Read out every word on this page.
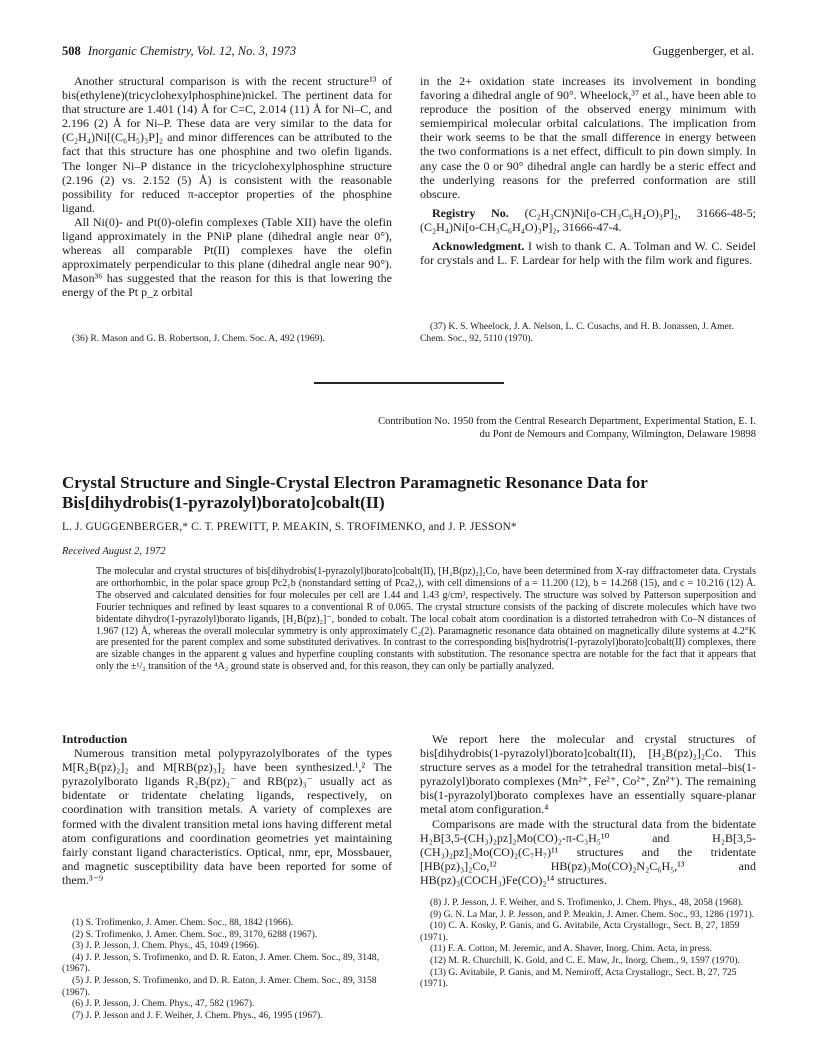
508 Inorganic Chemistry, Vol. 12, No. 3, 1973	Guggenberger, et al.

Another structural comparison is with the recent structure¹³ of bis(ethylene)(tricyclohexylphosphine)nickel. The pertinent data for that structure are 1.401 (14) Å for C=C, 2.014 (11) Å for Ni–C, and 2.196 (2) Å for Ni–P. These data are very similar to the data for (C₂H₄)Ni[(C₆H₅)₃P]₂ and minor differences can be attributed to the fact that this structure has one phosphine and two olefin ligands. The longer Ni–P distance in the tricyclohexylphosphine structure (2.196 (2) vs. 2.152 (5) Å) is consistent with the reasonable possibility for reduced π-acceptor properties of the phosphine ligand.

All Ni(0)- and Pt(0)-olefin complexes (Table XII) have the olefin ligand approximately in the PNiP plane (dihedral angle near 0°), whereas all comparable Pt(II) complexes have the olefin approximately perpendicular to this plane (dihedral angle near 90°). Mason³⁶ has suggested that the reason for this is that lowering the energy of the Pt p_z orbital

(36) R. Mason and G. B. Robertson, J. Chem. Soc. A, 492 (1969).

in the 2+ oxidation state increases its involvement in bonding favoring a dihedral angle of 90°. Wheelock,³⁷ et al., have been able to reproduce the position of the observed energy minimum with semiempirical molecular orbital calculations. The implication from their work seems to be that the small difference in energy between the two conformations is a net effect, difficult to pin down simply. In any case the 0 or 90° dihedral angle can hardly be a steric effect and the underlying reasons for the preferred conformation are still obscure.

Registry No. (C₂H₃CN)Ni[o-CH₃C₆H₄O)₃P]₂, 31666-48-5; (C₂H₄)Ni[o-CH₃C₆H₄O)₃P]₂, 31666-47-4.

Acknowledgment. I wish to thank C. A. Tolman and W. C. Seidel for crystals and L. F. Lardear for help with the film work and figures.

(37) K. S. Wheelock, J. A. Nelson, L. C. Cusachs, and H. B. Jonassen, J. Amer. Chem. Soc., 92, 5110 (1970).

Contribution No. 1950 from the Central Research Department, Experimental Station, E. I. du Pont de Nemours and Company, Wilmington, Delaware 19898
Crystal Structure and Single-Crystal Electron Paramagnetic Resonance Data for Bis[dihydrobis(1-pyrazolyl)borato]cobalt(II)
L. J. GUGGENBERGER,* C. T. PREWITT, P. MEAKIN, S. TROFIMENKO, and J. P. JESSON*
Received August 2, 1972

The molecular and crystal structures of bis[dihydrobis(1-pyrazolyl)borato]cobalt(II), [H₂B(pz)₂]₂Co, have been determined from X-ray diffractometer data. Crystals are orthorhombic, in the polar space group Pc2₁b (nonstandard setting of Pca2₁), with cell dimensions of a = 11.200 (12), b = 14.268 (15), and c = 10.216 (12) Å. The observed and calculated densities for four molecules per cell are 1.44 and 1.43 g/cm³, respectively. The structure was solved by Patterson superposition and Fourier techniques and refined by least squares to a conventional R of 0.065. The crystal structure consists of the packing of discrete molecules which have two bidentate dihydro(1-pyrazolyl)borato ligands, [H₂B(pz)₂]⁻, bonded to cobalt. The local cobalt atom coordination is a distorted tetrahedron with Co–N distances of 1.967 (12) Å, whereas the overall molecular symmetry is only approximately C₂(2). Paramagnetic resonance data obtained on magnetically dilute systems at 4.2°K are presented for the parent complex and some substituted derivatives. In contrast to the corresponding bis[hydrotris(1-pyrazolyl)borato]cobalt(II) complexes, there are sizable changes in the apparent g values and hyperfine coupling constants with substitution. The resonance spectra are notable for the fact that it appears that only the ±¹/₂ transition of the ⁴A₂ ground state is observed and, for this reason, they can only be partially analyzed.

Introduction

Numerous transition metal polypyrazolylborates of the types M[R₂B(pz)₂]₂ and M[RB(pz)₃]₂ have been synthesized.¹,² The pyrazolylborato ligands R₂B(pz)₂⁻ and RB(pz)₃⁻ usually act as bidentate or tridentate chelating ligands, respectively, on coordination with transition metals. A variety of complexes are formed with the divalent transition metal ions having different metal atom configurations and coordination geometries yet maintaining fairly constant ligand characteristics. Optical, nmr, epr, Mossbauer, and magnetic susceptibility data have been reported for some of them.³⁻⁹

(1) S. Trofimenko, J. Amer. Chem. Soc., 88, 1842 (1966).

(2) S. Trofimenko, J. Amer. Chem. Soc., 89, 3170, 6288 (1967).

(3) J. P. Jesson, J. Chem. Phys., 45, 1049 (1966).

(4) J. P. Jesson, S. Trofimenko, and D. R. Eaton, J. Amer. Chem. Soc., 89, 3148, (1967).

(5) J. P. Jesson, S. Trofimenko, and D. R. Eaton, J. Amer. Chem. Soc., 89, 3158 (1967).

(6) J. P. Jesson, J. Chem. Phys., 47, 582 (1967).

(7) J. P. Jesson and J. F. Weiher, J. Chem. Phys., 46, 1995 (1967).

We report here the molecular and crystal structures of bis[dihydrobis(1-pyrazolyl)borato]cobalt(II), [H₂B(pz)₂]₂Co. This structure serves as a model for the tetrahedral transition metal–bis(1-pyrazolyl)borato complexes (Mn²⁺, Fe²⁺, Co²⁺, Zn²⁺). The remaining bis(1-pyrazolyl)borato complexes have an essentially square-planar metal atom configuration.⁴

Comparisons are made with the structural data from the bidentate H₂B[3,5-(CH₃)₂pz]₂Mo(CO)₂-π-C₃H₅¹⁰ and H₂B[3,5-(CH₃)₂pz]₂Mo(CO)₂(C₇H₇)¹¹ structures and the tridentate [HB(pz)₃]₂Co,¹² HB(pz)₃Mo(CO)₂N₂C₆H₅,¹³ and HB(pz)₃(COCH₃)Fe(CO)₂¹⁴ structures.

(8) J. P. Jesson, J. F. Weiher, and S. Trofimenko, J. Chem. Phys., 48, 2058 (1968).

(9) G. N. La Mar, J. P. Jesson, and P. Meakin, J. Amer. Chem. Soc., 93, 1286 (1971).

(10) C. A. Kosky, P. Ganis, and G. Avitabile, Acta Crystallogr., Sect. B, 27, 1859 (1971).

(11) F. A. Cotton, M. Jeremic, and A. Shaver, Inorg. Chim. Acta, in press.

(12) M. R. Churchill, K. Gold, and C. E. Maw, Jr., Inorg. Chem., 9, 1597 (1970).

(13) G. Avitabile, P. Ganis, and M. Nemiroff, Acta Crystallogr., Sect. B, 27, 725 (1971).
